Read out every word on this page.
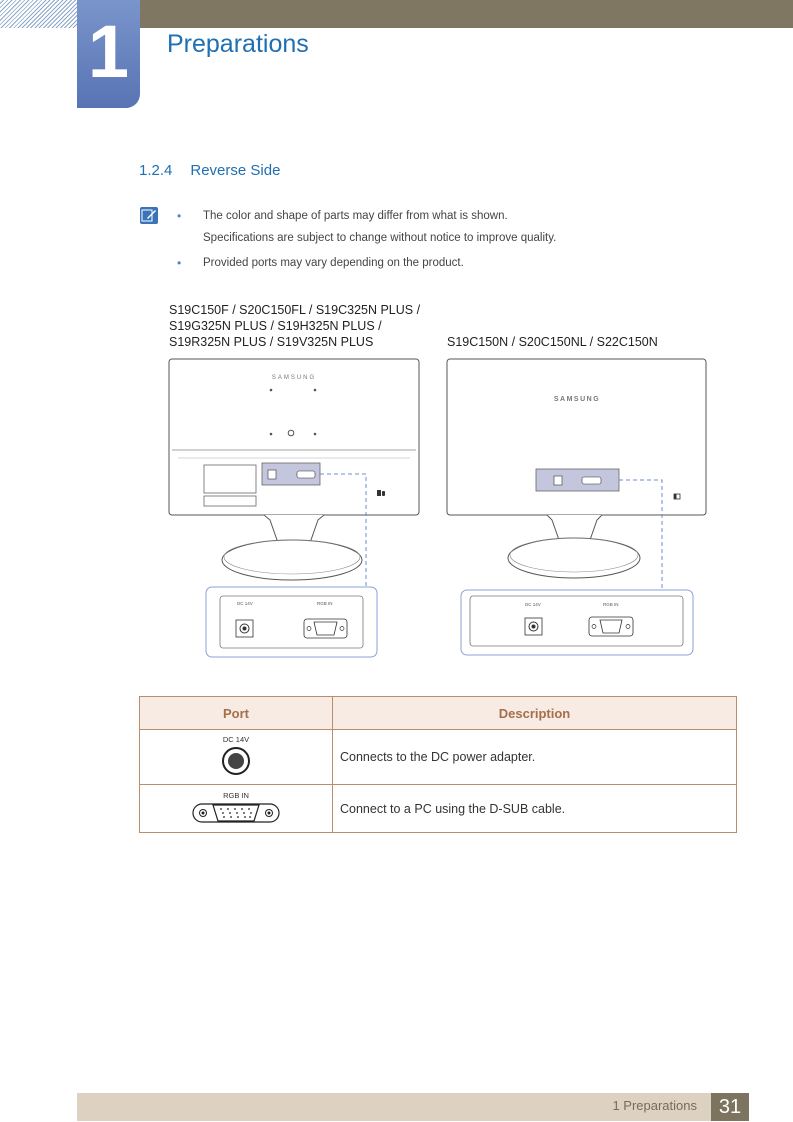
1	Preparations
1.2.4 Reverse Side
• The color and shape of parts may differ from what is shown.
Specifications are subject to change without notice to improve quality.
• Provided ports may vary depending on the product.
S19C150F / S20C150FL / S19C325N PLUS /
S19G325N PLUS / S19H325N PLUS /
S19R325N PLUS / S19V325N PLUS	S19C150N / S20C150NL / S22C150N
SAMSUNG
DC 14V	RGB IN
SAMSUNG
DC 14V	RGB IN
Port	Description

DC 14V	Connects to the DC power adapter.

RGB IN	Connect to a PC using the D-SUB cable.
1 Preparations	31
